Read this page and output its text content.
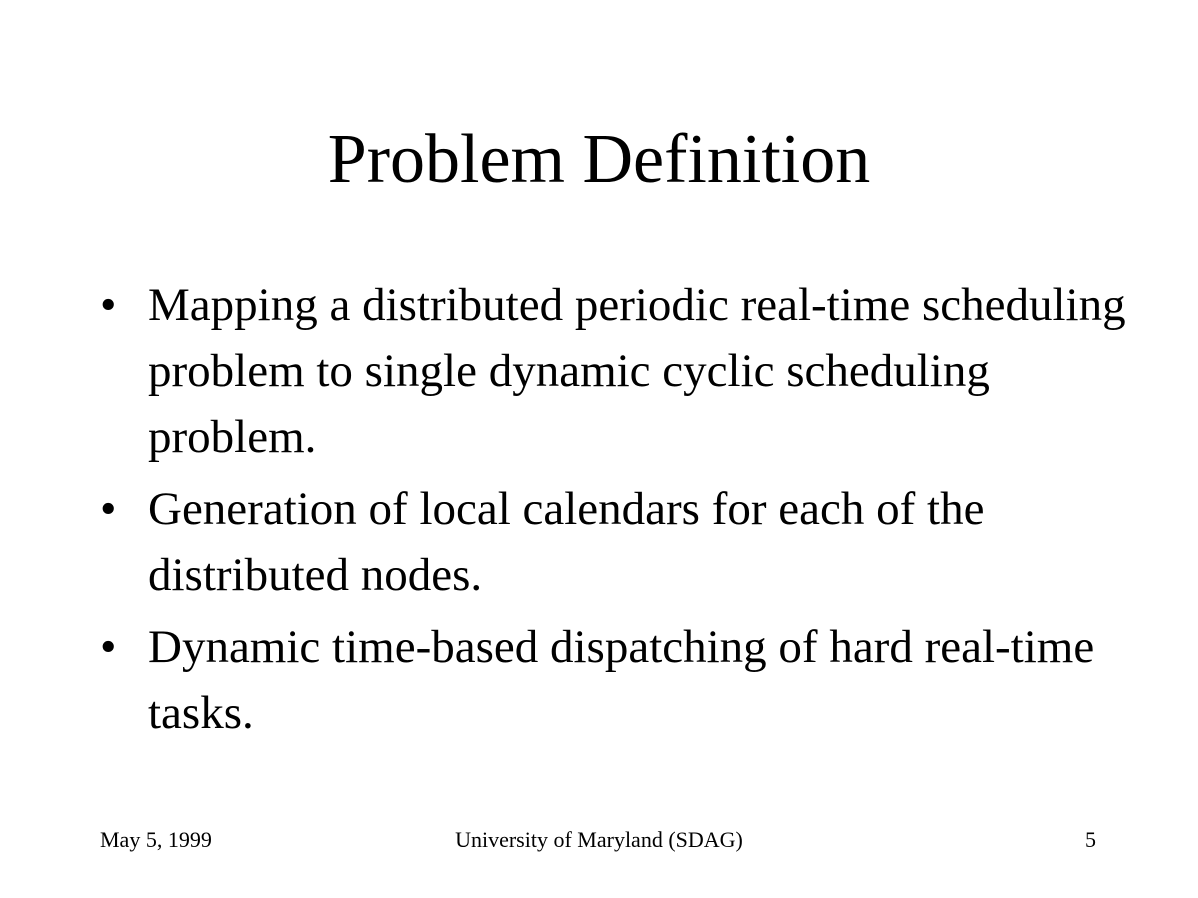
Problem Definition
• Mapping a distributed periodic real-time scheduling problem to single dynamic cyclic scheduling problem.
• Generation of local calendars for each of the distributed nodes.
• Dynamic time-based dispatching of hard real-time tasks.
May 5, 1999	University of Maryland (SDAG)	5
